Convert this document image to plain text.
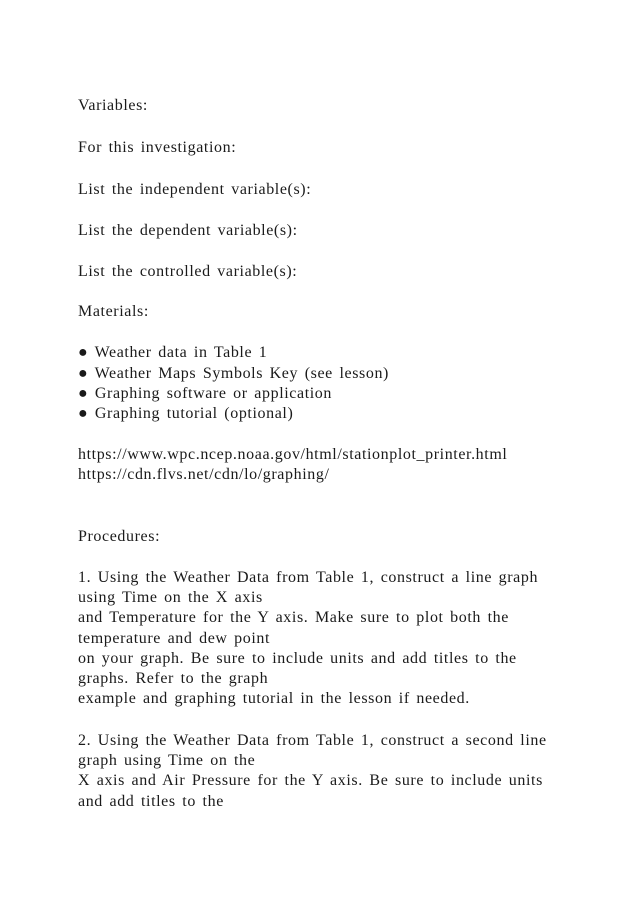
Variables:
For this investigation:
List the independent variable(s):
List the dependent variable(s):
List the controlled variable(s):
Materials:
● Weather data in Table 1
● Weather Maps Symbols Key (see lesson)
● Graphing software or application
● Graphing tutorial (optional)
https://www.wpc.ncep.noaa.gov/html/stationplot_printer.html
https://cdn.flvs.net/cdn/lo/graphing/
Procedures:
1. Using the Weather Data from Table 1, construct a line graph
using Time on the X axis
and Temperature for the Y axis. Make sure to plot both the
temperature and dew point
on your graph. Be sure to include units and add titles to the
graphs. Refer to the graph
example and graphing tutorial in the lesson if needed.
2. Using the Weather Data from Table 1, construct a second line
graph using Time on the
X axis and Air Pressure for the Y axis. Be sure to include units
and add titles to the
